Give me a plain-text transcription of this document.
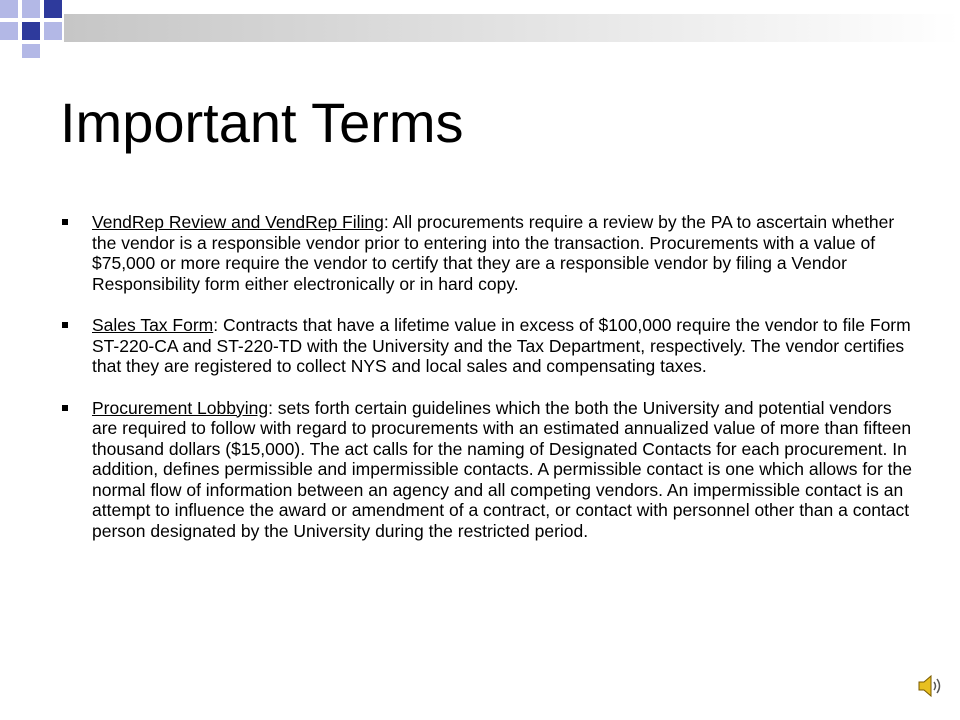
Important Terms
VendRep Review and VendRep Filing: All procurements require a review by the PA to ascertain whether the vendor is a responsible vendor prior to entering into the transaction. Procurements with a value of $75,000 or more require the vendor to certify that they are a responsible vendor by filing a Vendor Responsibility form either electronically or in hard copy.
Sales Tax Form: Contracts that have a lifetime value in excess of $100,000 require the vendor to file Form ST-220-CA and ST-220-TD with the University and the Tax Department, respectively. The vendor certifies that they are registered to collect NYS and local sales and compensating taxes.
Procurement Lobbying: sets forth certain guidelines which the both the University and potential vendors are required to follow with regard to procurements with an estimated annualized value of more than fifteen thousand dollars ($15,000). The act calls for the naming of Designated Contacts for each procurement. In addition, defines permissible and impermissible contacts. A permissible contact is one which allows for the normal flow of information between an agency and all competing vendors. An impermissible contact is an attempt to influence the award or amendment of a contract, or contact with personnel other than a contact person designated by the University during the restricted period.
